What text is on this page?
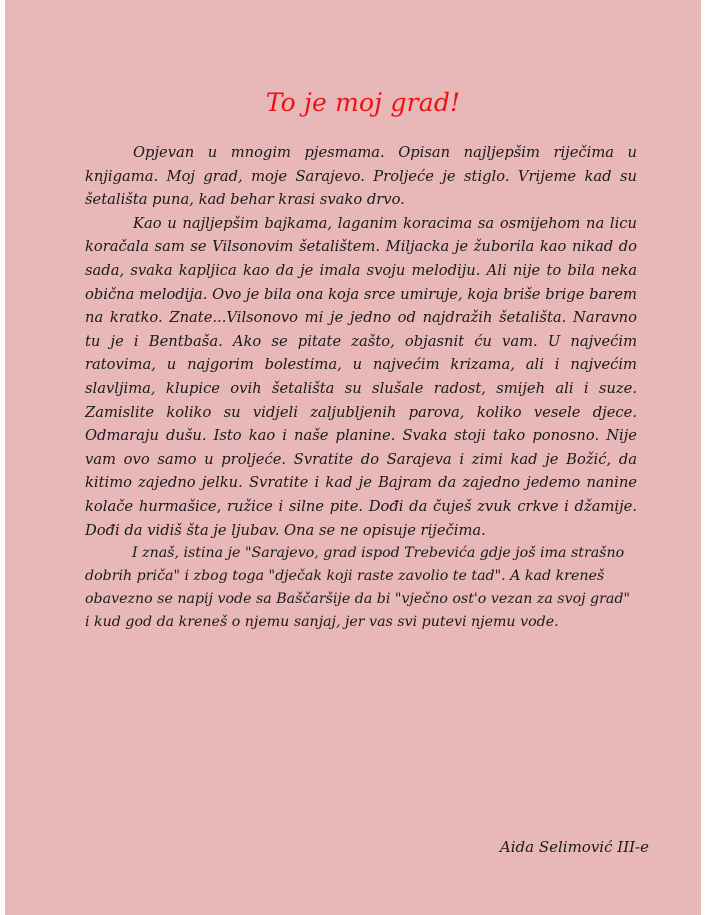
To je moj grad!

Opjevan u mnogim pjesmama. Opisan najljepšim riječima u knjigama. Moj grad, moje Sarajevo. Proljeće je stiglo. Vrijeme kad su šetališta puna, kad behar krasi svako drvo.

Kao u najljepšim bajkama, laganim koracima sa osmijehom na licu koračala sam se Vilsonovim šetalištem. Miljacka je žuborila kao nikad do sada, svaka kapljica kao da je imala svoju melodiju. Ali nije to bila neka obična melodija. Ovo je bila ona koja srce umiruje, koja briše brige barem na kratko. Znate...Vilsonovo mi je jedno od najdražih šetališta. Naravno tu je i Bentbaša. Ako se pitate zašto, objasnit ću vam. U najvećim ratovima, u najgorim bolestima, u najvećim krizama, ali i najvećim slavljima, klupice ovih šetališta su slušale radost, smijeh ali i suze. Zamislite koliko su vidjeli zaljubljenih parova, koliko vesele djece. Odmaraju dušu. Isto kao i naše planine. Svaka stoji tako ponosno. Nije vam ovo samo u proljeće. Svratite do Sarajeva i zimi kad je Božić, da kitimo zajedno jelku. Svratite i kad je Bajram da zajedno jedemo nanine kolače hurmašice, ružice i silne pite. Dođi da čuješ zvuk crkve i džamije. Dođi da vidiš šta je ljubav. Ona se ne opisuje riječima.

I znaš, istina je "Sarajevo, grad ispod Trebevića gdje još ima strašno dobrih priča" i zbog toga "dječak koji raste zavolio te tad". A kad kreneš obavezno se napij vode sa Baščaršije da bi "vječno ost'o vezan za svoj grad" i kud god da kreneš o njemu sanjaj, jer vas svi putevi njemu vode.

Aida Selimović III-e
